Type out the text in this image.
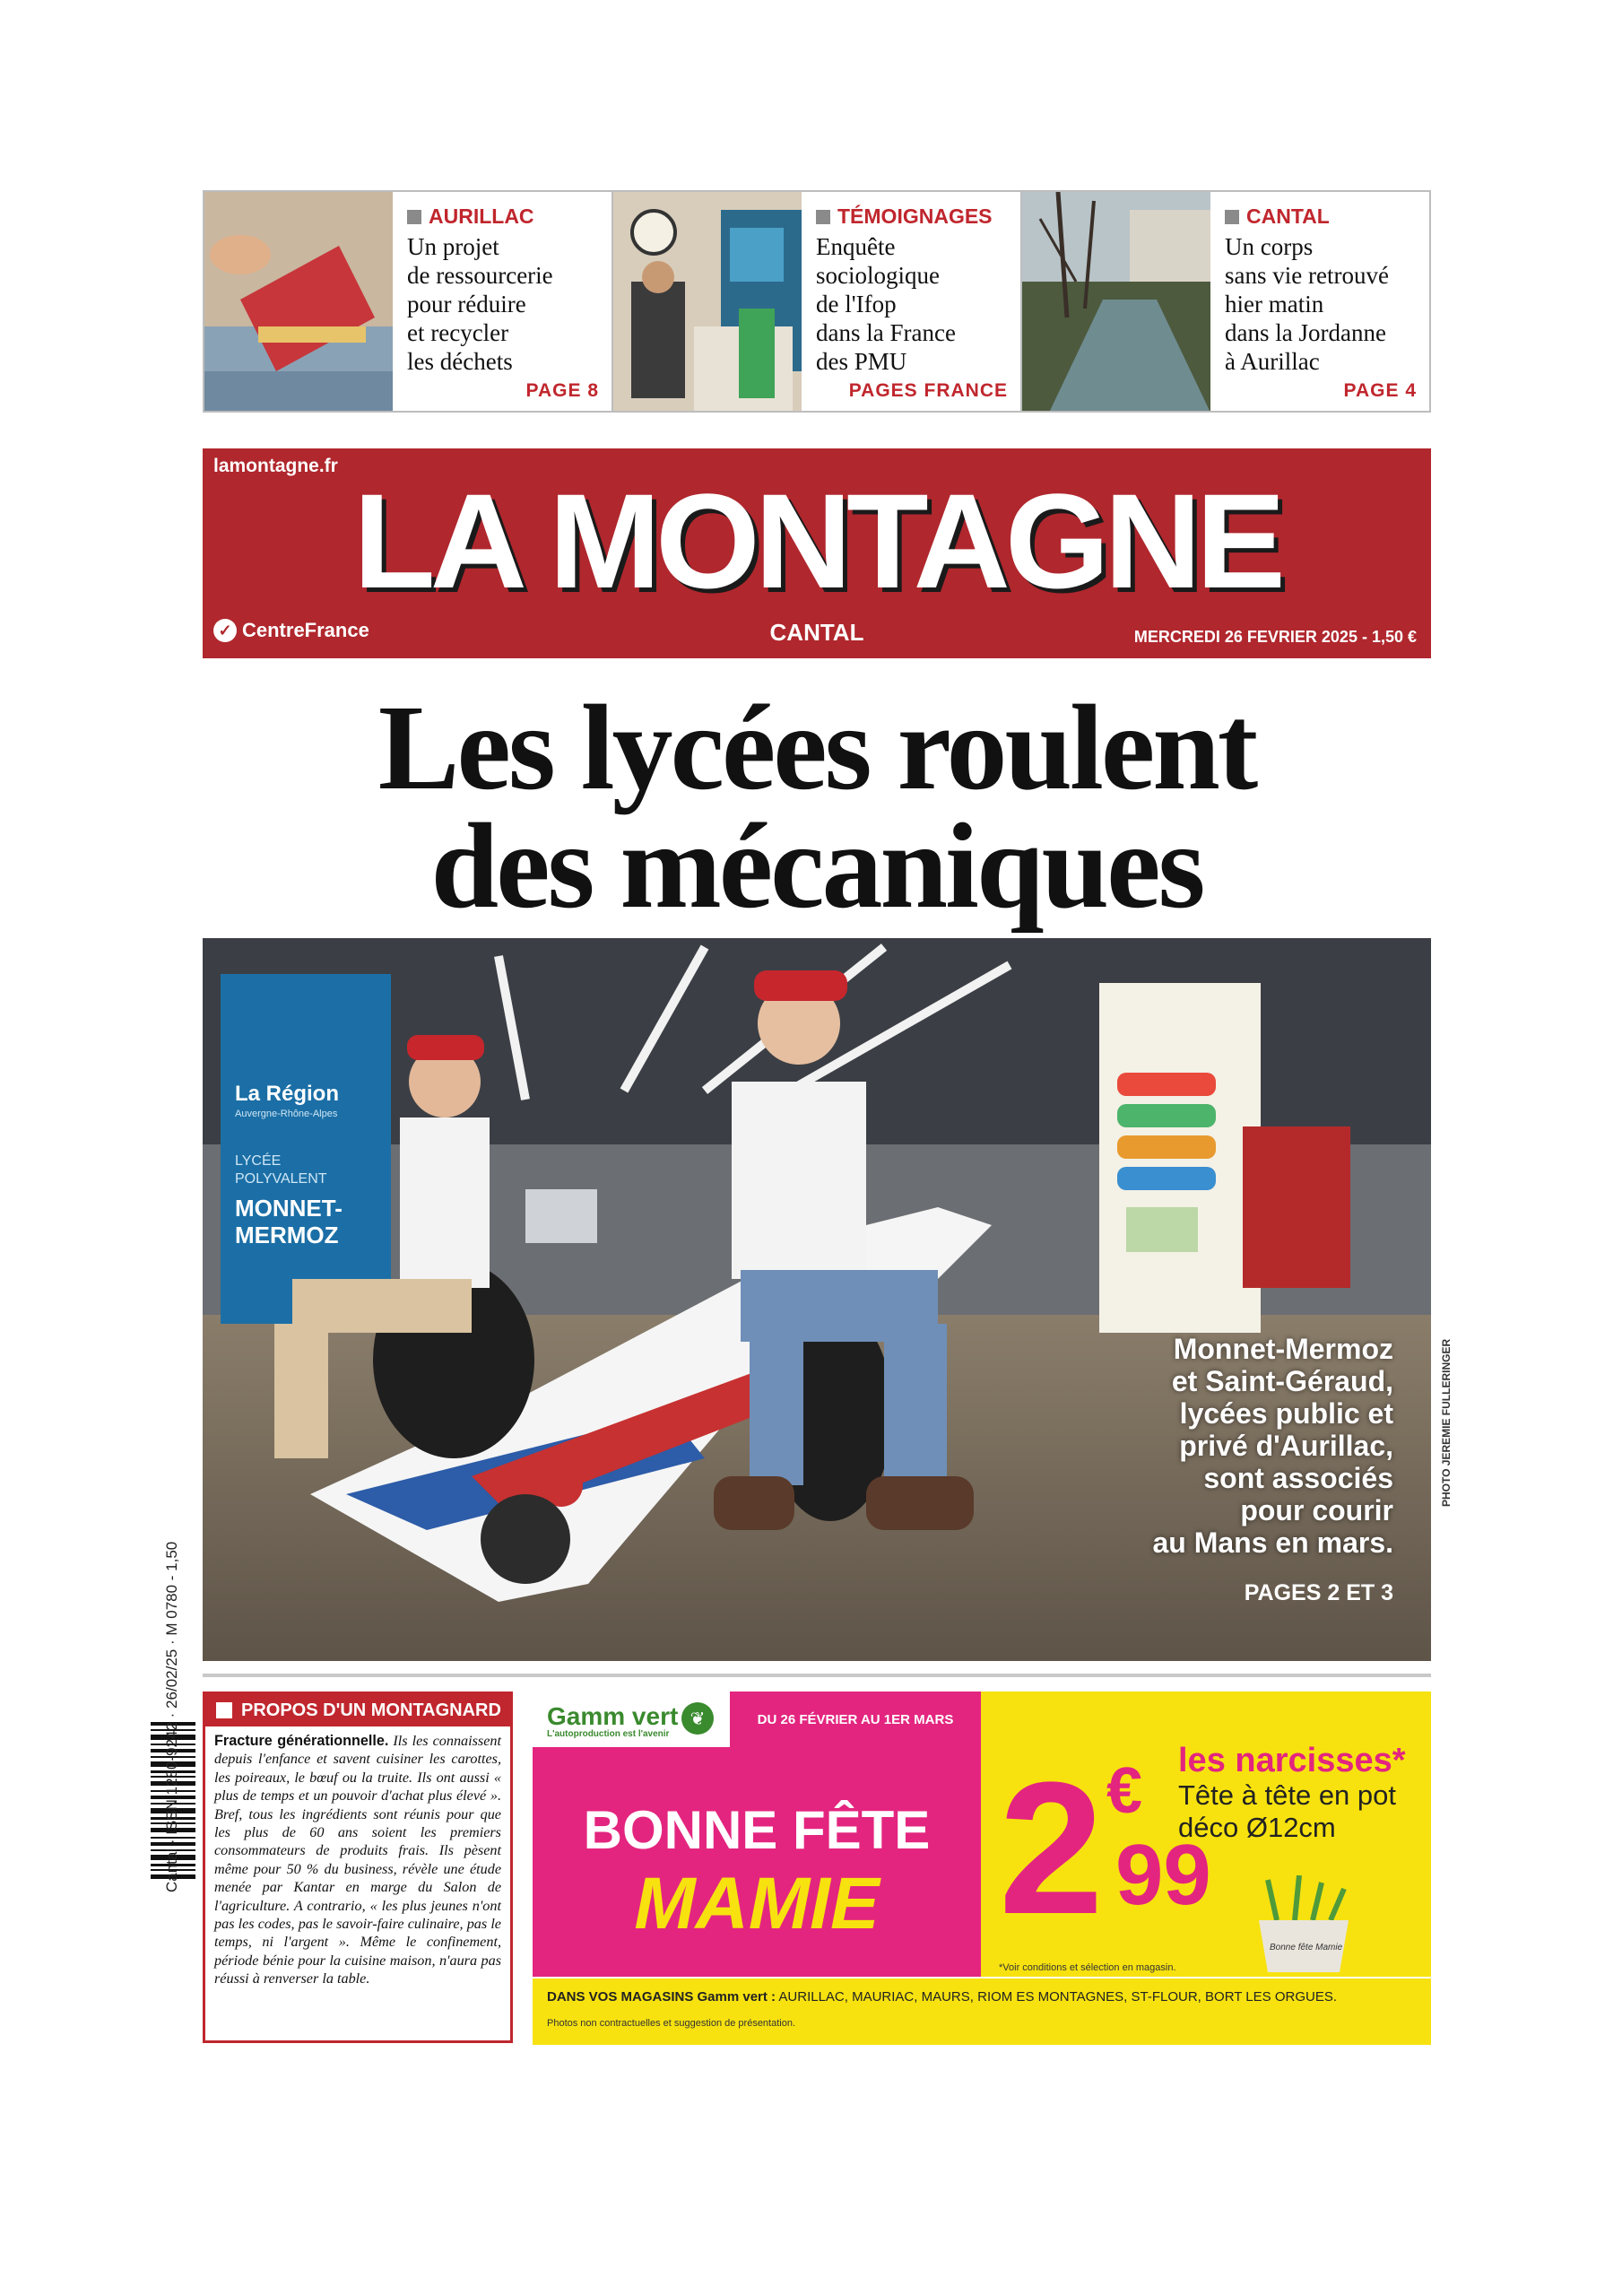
AURILLAC
Un projet
de ressourcerie
pour réduire
et recycler
les déchets
PAGE 8
TÉMOIGNAGES
Enquête
sociologique
de l'Ifop
dans la France
des PMU
PAGES FRANCE
CANTAL
Un corps
sans vie retrouvé
hier matin
dans la Jordanne
à Aurillac
PAGE 4
lamontagne.fr LA MONTAGNE
✓ CentreFrance	CANTAL	MERCREDI 26 FEVRIER 2025 - 1,50 €
Les lycées roulent
des mécaniques
La Région
Auvergne-Rhône-Alpes
LYCÉE
POLYVALENT
MONNET-
MERMOZ
Monnet-Mermoz
et Saint-Géraud,
lycées public et
privé d'Aurillac,
sont associés
pour courir
au Mans en mars.
PAGES 2 ET 3
PHOTO JEREMIE FULLERINGER
Cantal · ISSN 1280-9242 · 26/02/25 · M 0780 - 1,50
PROPOS D'UN MONTAGNARD
Fracture générationnelle. Ils les connaissent depuis l'enfance et savent cuisiner les carottes, les poireaux, le bœuf ou la truite. Ils ont aussi « plus de temps et un pouvoir d'achat plus élevé ». Bref, tous les ingrédients sont réunis pour que les plus de 60 ans soient les premiers consommateurs de produits frais. Ils pèsent même pour 50 % du business, révèle une étude menée par Kantar en marge du Salon de l'agriculture. A contrario, « les plus jeunes n'ont pas les codes, pas le savoir-faire culinaire, pas le temps, ni l'argent ». Même le confinement, période bénie pour la cuisine maison, n'aura pas réussi à renverser la table.
Gamm vert
L'autoproduction est l'avenir
❦	DU 26 FÉVRIER AU 1ER MARS
BONNE FÊTE
MAMIE 2 €
99
les narcisses*
Tête à tête en pot déco Ø12cm
Bonne fête Mamie
*Voir conditions et sélection en magasin.
DANS VOS MAGASINS Gamm vert : AURILLAC, MAURIAC, MAURS, RIOM ES MONTAGNES, ST-FLOUR, BORT LES ORGUES.
Photos non contractuelles et suggestion de présentation.
